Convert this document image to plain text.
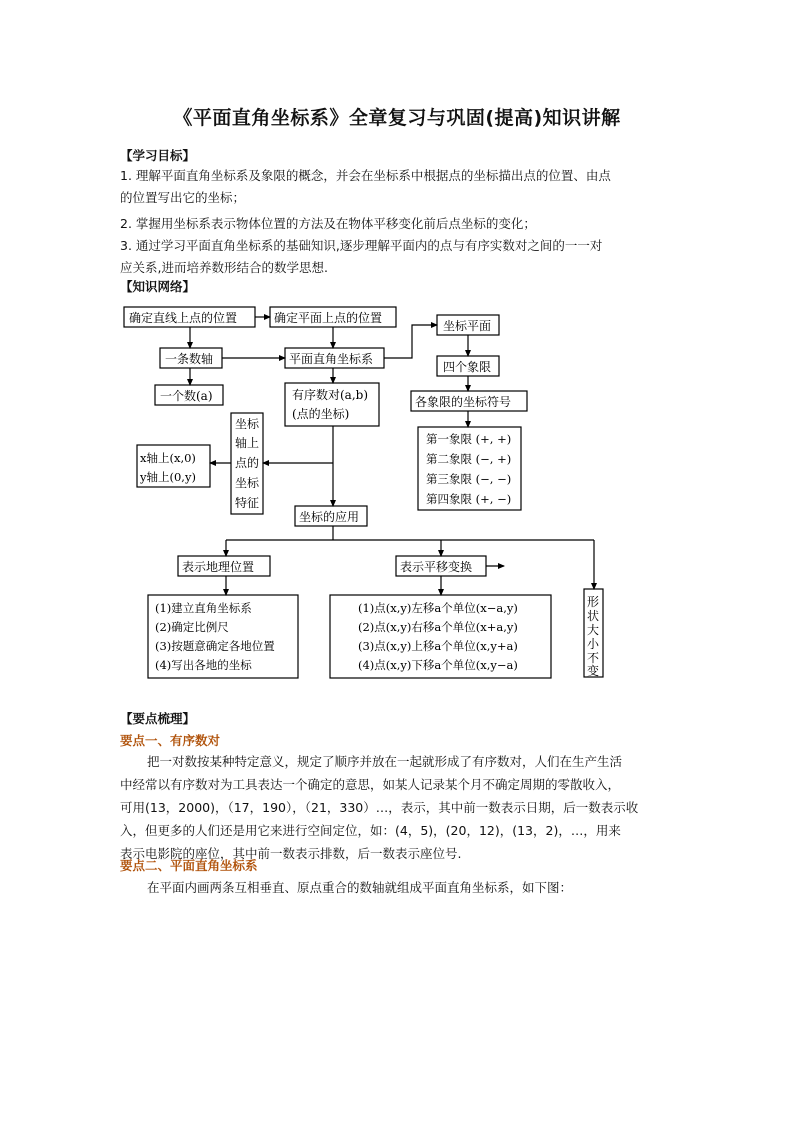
《平面直角坐标系》全章复习与巩固(提高)知识讲解
【学习目标】
1. 理解平面直角坐标系及象限的概念，并会在坐标系中根据点的坐标描出点的位置、由点
的位置写出它的坐标；
2. 掌握用坐标系表示物体位置的方法及在物体平移变化前后点坐标的变化；
3. 通过学习平面直角坐标系的基础知识,逐步理解平面内的点与有序实数对之间的一一对
应关系,进而培养数形结合的数学思想.
【知识网络】
确定直线上点的位置	确定平面上点的位置
一条数轴
一个数(a)
平面直角坐标系
坐标平面
四个象限
各象限的坐标符号
第一象限 (+, +)
第二象限 (−, +)
第三象限 (−, −)
第四象限 (+, −)
有序数对(a,b)
(点的坐标)
x轴上(x,0)
y轴上(0,y)
坐标的应用
表示地理位置	表示平移变换
(1)建立直角坐标系
(2)确定比例尺
(3)按题意确定各地位置
(4)写出各地的坐标
(1)点(x,y)左移a个单位(x−a,y)
(2)点(x,y)右移a个单位(x+a,y)
(3)点(x,y)上移a个单位(x,y+a)
(4)点(x,y)下移a个单位(x,y−a)
坐 标
轴 上
点 的
坐 标
特 征
形
状
大
小
不
变
【要点梳理】
要点一、有序数对
把一对数按某种特定意义，规定了顺序并放在一起就形成了有序数对，人们在生产生活
中经常以有序数对为工具表达一个确定的意思，如某人记录某个月不确定周期的零散收入，
可用(13，2000)，（17，190），（21，330）…，表示，其中前一数表示日期，后一数表示收
入，但更多的人们还是用它来进行空间定位，如：(4，5)，(20，12)，(13，2)，…，用来
表示电影院的座位，其中前一数表示排数，后一数表示座位号.
要点二、平面直角坐标系
在平面内画两条互相垂直、原点重合的数轴就组成平面直角坐标系，如下图：
